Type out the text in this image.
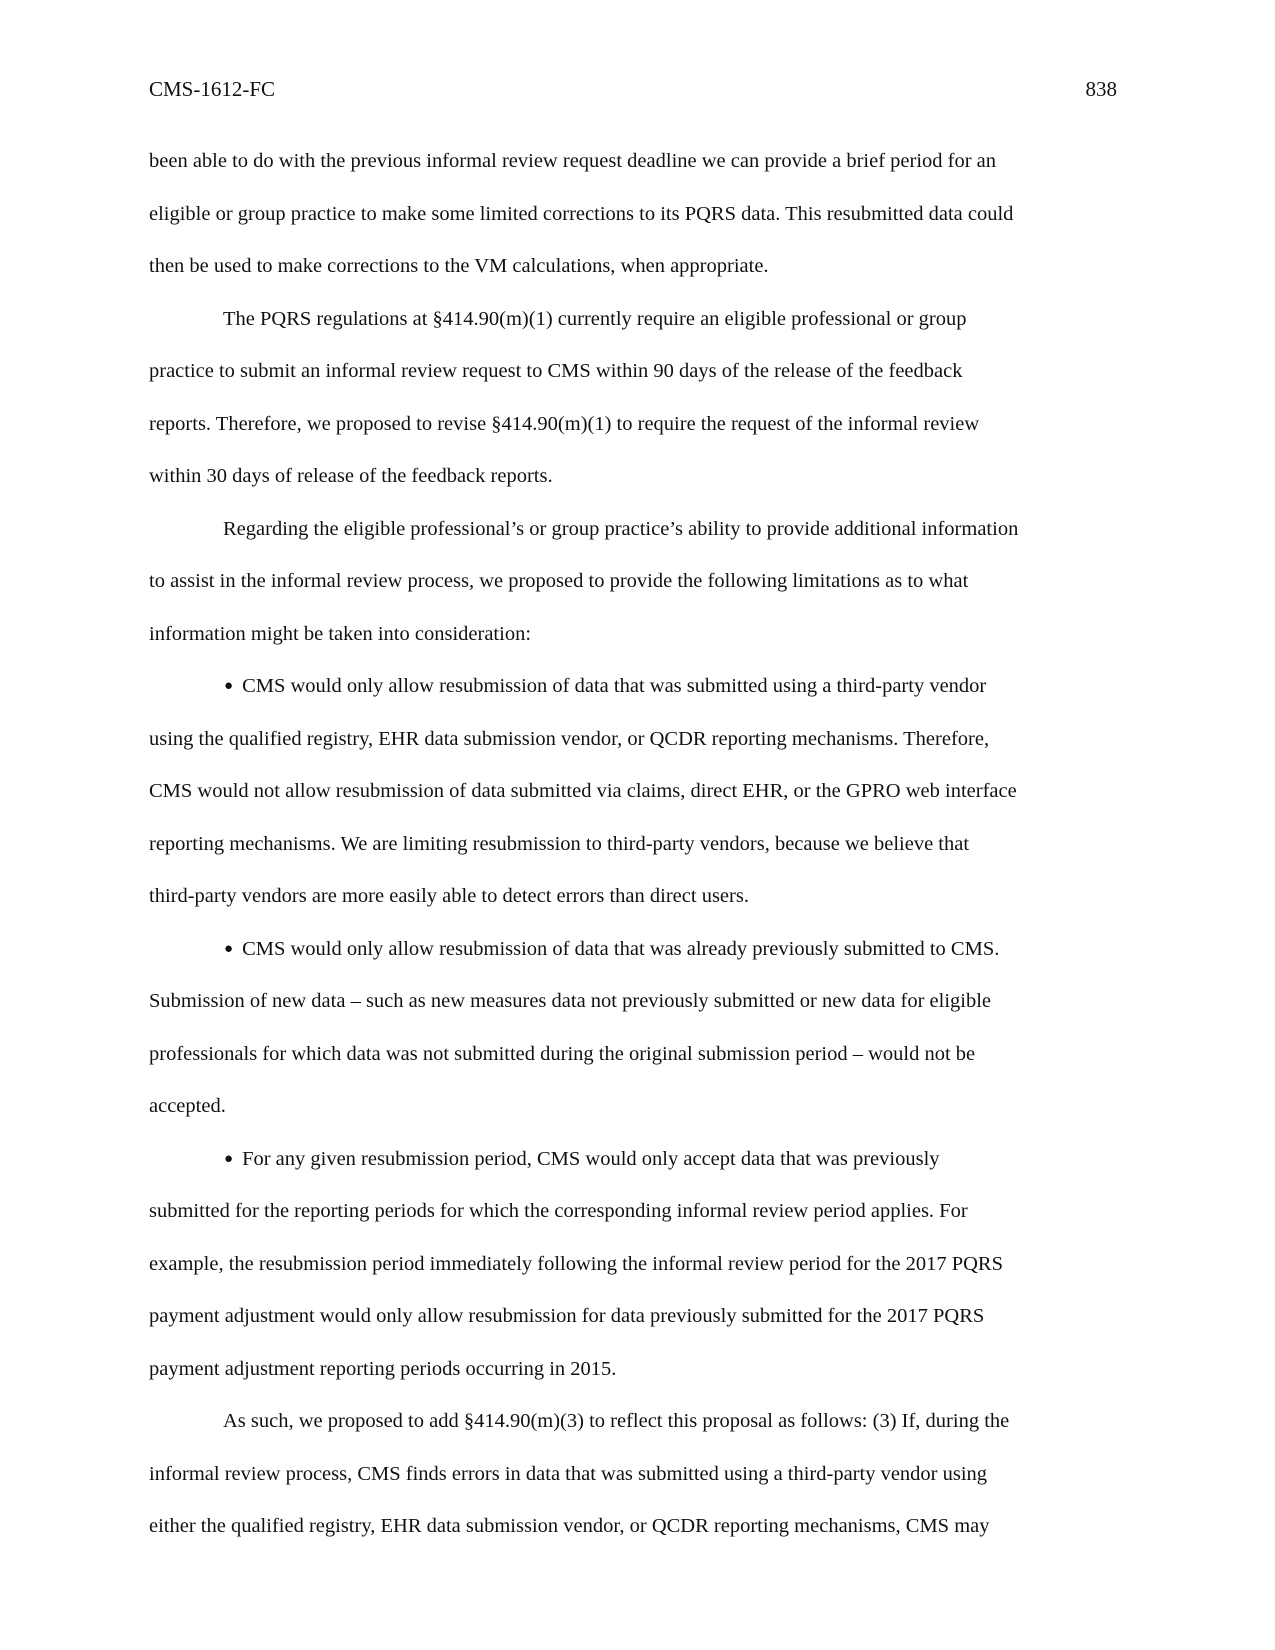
CMS-1612-FC	838
been able to do with the previous informal review request deadline we can provide a brief period for an
eligible or group practice to make some limited corrections to its PQRS data. This resubmitted data could
then be used to make corrections to the VM calculations, when appropriate.
The PQRS regulations at §414.90(m)(1) currently require an eligible professional or group
practice to submit an informal review request to CMS within 90 days of the release of the feedback
reports. Therefore, we proposed to revise §414.90(m)(1) to require the request of the informal review
within 30 days of release of the feedback reports.
Regarding the eligible professional’s or group practice’s ability to provide additional information
to assist in the informal review process, we proposed to provide the following limitations as to what
information might be taken into consideration:
● CMS would only allow resubmission of data that was submitted using a third-party vendor
using the qualified registry, EHR data submission vendor, or QCDR reporting mechanisms. Therefore,
CMS would not allow resubmission of data submitted via claims, direct EHR, or the GPRO web interface
reporting mechanisms. We are limiting resubmission to third-party vendors, because we believe that
third-party vendors are more easily able to detect errors than direct users.
● CMS would only allow resubmission of data that was already previously submitted to CMS.
Submission of new data – such as new measures data not previously submitted or new data for eligible
professionals for which data was not submitted during the original submission period – would not be
accepted.
● For any given resubmission period, CMS would only accept data that was previously
submitted for the reporting periods for which the corresponding informal review period applies. For
example, the resubmission period immediately following the informal review period for the 2017 PQRS
payment adjustment would only allow resubmission for data previously submitted for the 2017 PQRS
payment adjustment reporting periods occurring in 2015.
As such, we proposed to add §414.90(m)(3) to reflect this proposal as follows: (3) If, during the
informal review process, CMS finds errors in data that was submitted using a third-party vendor using
either the qualified registry, EHR data submission vendor, or QCDR reporting mechanisms, CMS may
